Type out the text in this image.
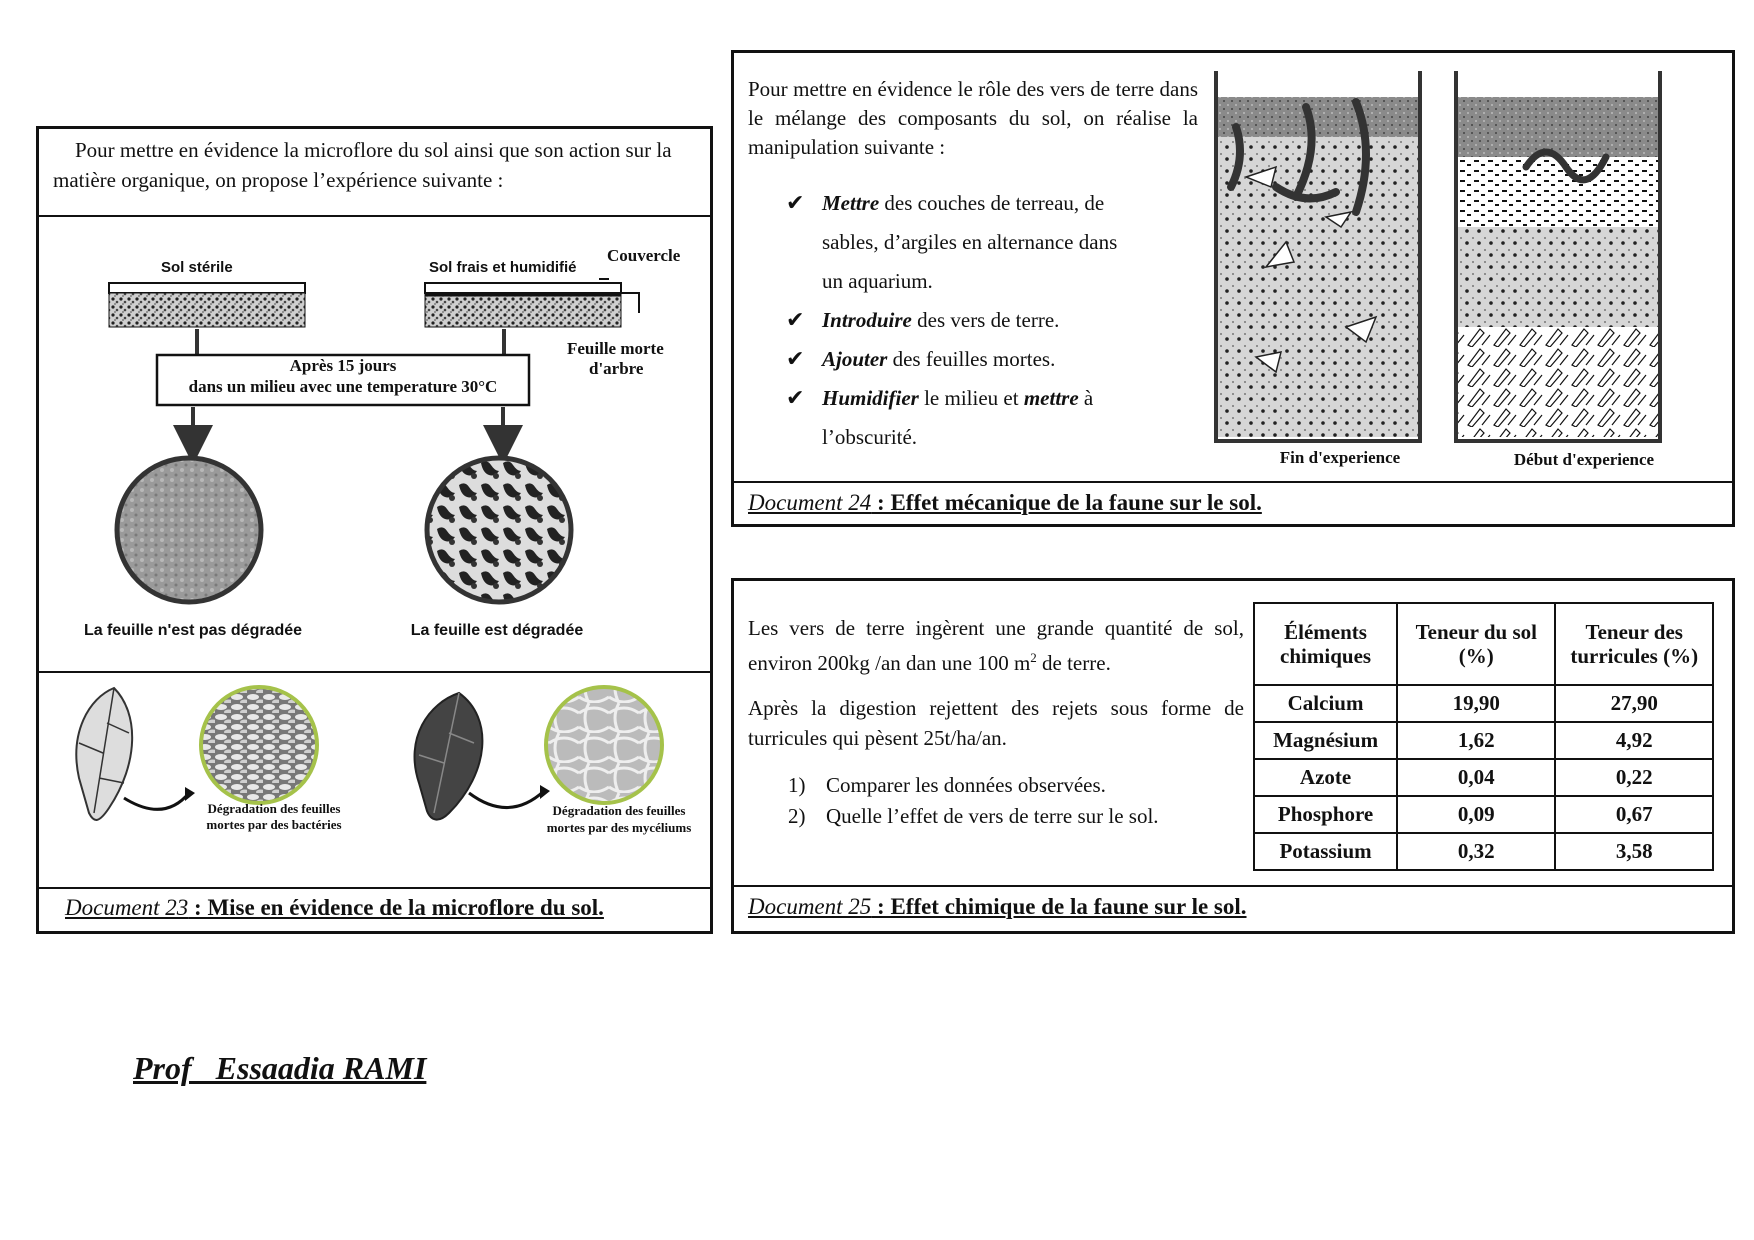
Pour mettre en évidence la microflore du sol ainsi que son action sur la matière organique, on propose l’expérience suivante :
Sol stérile	Sol frais et humidifié
Couvercle
Feuille morte
d'arbre
Après 15 jours
dans un milieu avec une temperature 30°C
La feuille n'est pas dégradée	La feuille est dégradée
Dégradation des feuilles
mortes par des bactéries
Dégradation des feuilles
mortes par des mycéliums
Document 23 : Mise en évidence de la microflore du sol.
Pour mettre en évidence le rôle des vers de terre dans le mélange des composants du sol, on réalise la manipulation suivante :
✔ Mettre des couches de terreau, de sables, d’argiles en alternance dans un aquarium.
✔ Introduire des vers de terre.
✔ Ajouter des feuilles mortes.
✔ Humidifier le milieu et mettre à l’obscurité.
Fin d'experience	Début d'experience
Document 24 : Effet mécanique de la faune sur le sol.
Les vers de terre ingèrent une grande quantité de sol, environ 200kg /an dan une 100 $m^2$ de terre.
Après la digestion rejettent des rejets sous forme de turricules qui pèsent 25t/ha/an.
1) Comparer les données observées.
2) Quelle l’effet de vers de terre sur le sol.
Éléments chimiques	Teneur du sol (%)	Teneur des turricules (%)
Calcium	19,90	27,90
Magnésium	1,62	4,92
Azote	0,04	0,22
Phosphore	0,09	0,67
Potassium	0,32	3,58
Document 25 : Effet chimique de la faune sur le sol.
Prof   Essaadia RAMI
